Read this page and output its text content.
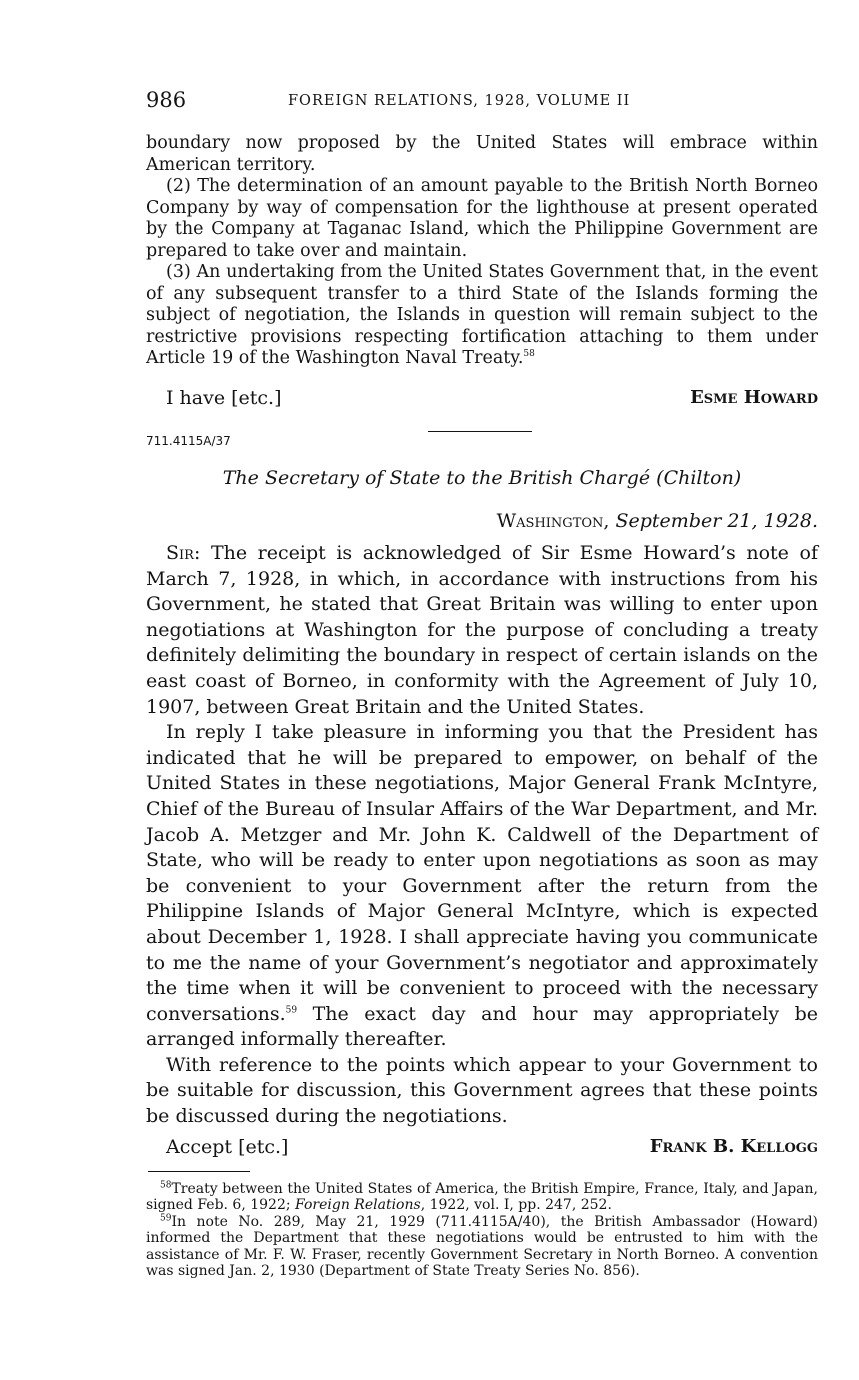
986	FOREIGN RELATIONS, 1928, VOLUME II

boundary now proposed by the United States will embrace within American territory.

(2) The determination of an amount payable to the British North Borneo Company by way of compensation for the lighthouse at present operated by the Company at Taganac Island, which the Philippine Government are prepared to take over and maintain.

(3) An undertaking from the United States Government that, in the event of any subsequent transfer to a third State of the Islands forming the subject of negotiation, the Islands in question will remain subject to the restrictive provisions respecting fortification attaching to them under Article 19 of the Washington Naval Treaty.$^{58}$

I have [etc.]	Esme Howard
711.4115A/37
The Secretary of State to the British Chargé (Chilton)
Washington, September 21, 1928.

Sir: The receipt is acknowledged of Sir Esme Howard’s note of March 7, 1928, in which, in accordance with instructions from his Government, he stated that Great Britain was willing to enter upon negotiations at Washington for the purpose of concluding a treaty definitely delimiting the boundary in respect of certain islands on the east coast of Borneo, in conformity with the Agreement of July 10, 1907, between Great Britain and the United States.

In reply I take pleasure in informing you that the President has indicated that he will be prepared to empower, on behalf of the United States in these negotiations, Major General Frank McIntyre, Chief of the Bureau of Insular Affairs of the War Department, and Mr. Jacob A. Metzger and Mr. John K. Caldwell of the Department of State, who will be ready to enter upon negotiations as soon as may be convenient to your Government after the return from the Philippine Islands of Major General McIntyre, which is expected about December 1, 1928. I shall appreciate having you communicate to me the name of your Government’s negotiator and approximately the time when it will be convenient to proceed with the necessary conversations.$^{59}$ The exact day and hour may appropriately be arranged informally thereafter.

With reference to the points which appear to your Government to be suitable for discussion, this Government agrees that these points be discussed during the negotiations.

Accept [etc.]	Frank B. Kellogg

$^{58}$Treaty between the United States of America, the British Empire, France, Italy, and Japan, signed Feb. 6, 1922; Foreign Relations, 1922, vol. I, pp. 247, 252.

$^{59}$In note No. 289, May 21, 1929 (711.4115A/40), the British Ambassador (Howard) informed the Department that these negotiations would be entrusted to him with the assistance of Mr. F. W. Fraser, recently Government Secretary in North Borneo. A convention was signed Jan. 2, 1930 (Department of State Treaty Series No. 856).
